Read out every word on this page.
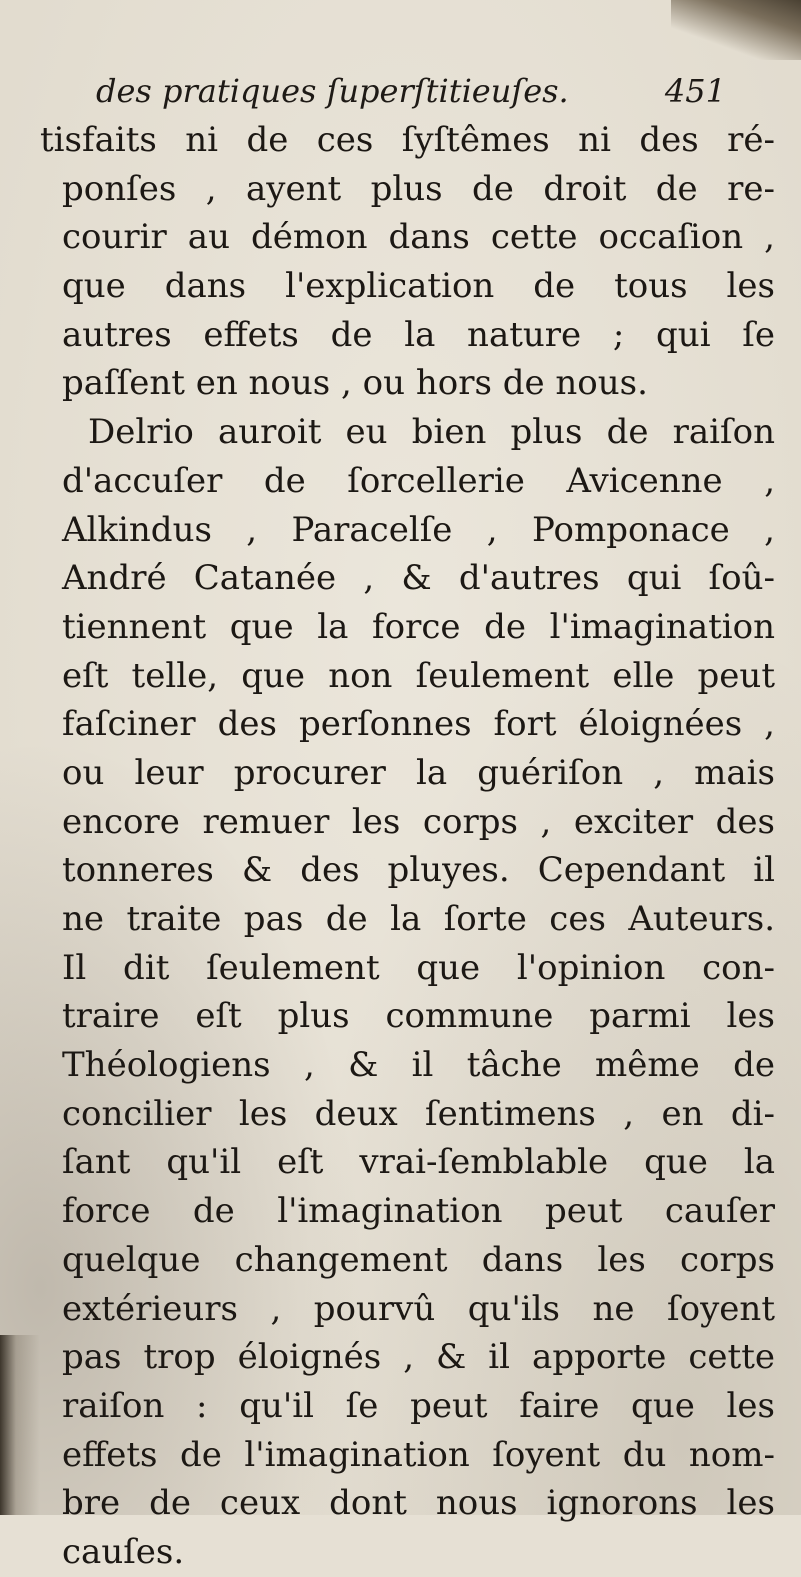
des pratiques ſuperſtitieuſes.	451
tisfaits ni de ces ſyſtêmes ni des ré-
ponſes , ayent plus de droit de re-
courir au démon dans cette occaſion ,
que dans l'explication de tous les
autres effets de la nature ; qui ſe
paſſent en nous , ou hors de nous.
Delrio auroit eu bien plus de raiſon
d'accuſer de ſorcellerie Avicenne ,
Alkindus , Paracelſe , Pomponace ,
André Catanée , & d'autres qui ſoû-
tiennent que la force de l'imagination
eſt telle, que non ſeulement elle peut
faſciner des perſonnes fort éloignées ,
ou leur procurer la guériſon , mais
encore remuer les corps , exciter des
tonneres & des pluyes. Cependant il
ne traite pas de la ſorte ces Auteurs.
Il dit ſeulement que l'opinion con-
traire eſt plus commune parmi les
Théologiens , & il tâche même de
concilier les deux ſentimens , en di-
ſant qu'il eſt vrai-ſemblable que la
force de l'imagination peut cauſer
quelque changement dans les corps
extérieurs , pourvû qu'ils ne ſoyent
pas trop éloignés , & il apporte cette
raiſon : qu'il ſe peut faire que les
effets de l'imagination ſoyent du nom-
bre de ceux dont nous ignorons les
cauſes.
